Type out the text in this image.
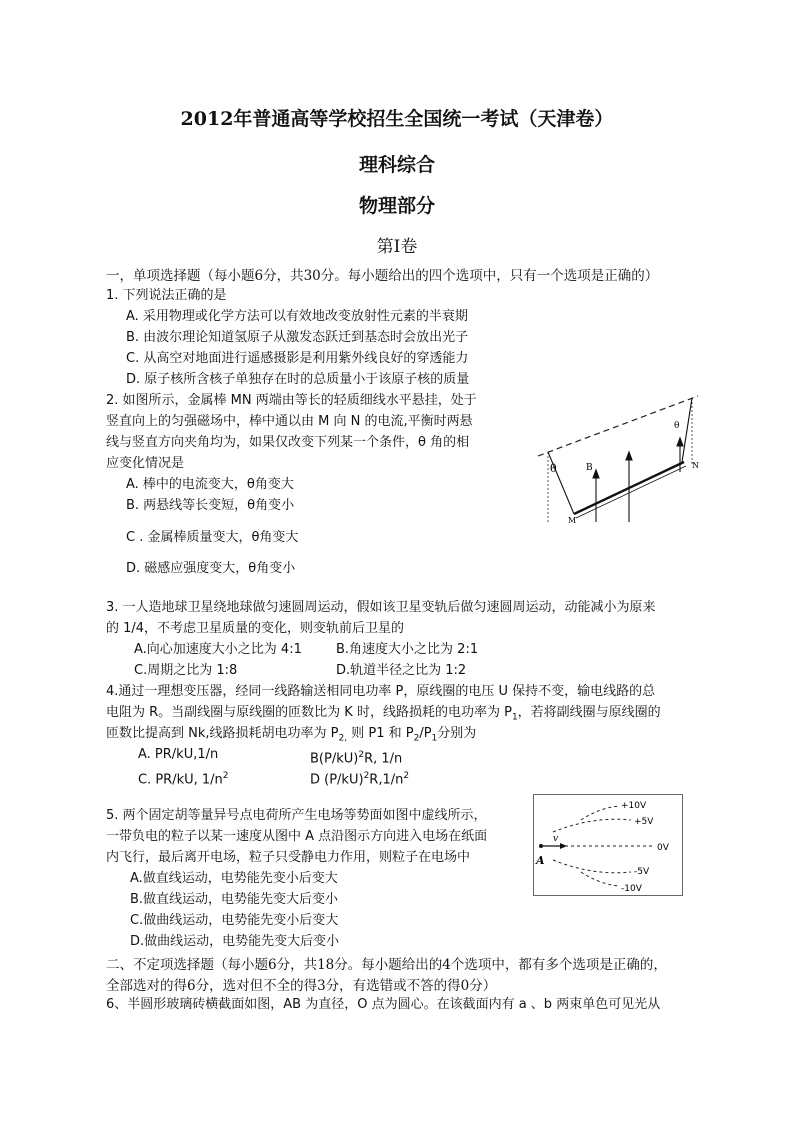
2012年普通高等学校招生全国统一考试（天津卷）
理科综合
物理部分
第Ⅰ卷
一，单项选择题（每小题6分，共30分。每小题给出的四个选项中，只有一个选项是正确的）
1. 下列说法正确的是
A. 采用物理或化学方法可以有效地改变放射性元素的半衰期
B. 由波尔理论知道氢原子从激发态跃迁到基态时会放出光子
C. 从高空对地面进行遥感摄影是利用紫外线良好的穿透能力
D. 原子核所含核子单独存在时的总质量小于该原子核的质量
2. 如图所示，金属棒 MN 两端由等长的轻质细线水平悬挂，处于
竖直向上的匀强磁场中，棒中通以由 M 向 N 的电流,平衡时两悬
线与竖直方向夹角均为，如果仅改变下列某一个条件，θ 角的相
应变化情况是
A. 棒中的电流变大，θ角变大
B. 两悬线等长变短，θ角变小
C . 金属棒质量变大，θ角变大
D. 磁感应强度变大，θ角变小
θ
θ
B
M
N
3. 一人造地球卫星绕地球做匀速圆周运动，假如该卫星变轨后做匀速圆周运动，动能减小为原来
的 1/4，不考虑卫星质量的变化，则变轨前后卫星的
A.向心加速度大小之比为 4:1	B.角速度大小之比为 2:1
C.周期之比为 1:8	D.轨道半径之比为 1:2
4.通过一理想变压器，经同一线路输送相同电功率 P，原线圈的电压 U 保持不变，输电线路的总
电阻为 R。当副线圈与原线圈的匝数比为 K 时，线路损耗的电功率为 $P_1$，若将副线圈与原线圈的
匝数比提高到 Nk,线路损耗胡电功率为 $P_{2,}$ 则 P1 和 $P_2/P_1$分别为
A. PR/kU,1/n	$B(P/kU)^2R$, 1/n
C. PR/kU, $1/n^2$	D $(P/kU)^2R,1/n^2$
5. 两个固定胡等量异号点电荷所产生电场等势面如图中虚线所示，
一带负电的粒子以某一速度从图中 A 点沿图示方向进入电场在纸面
内飞行，最后离开电场，粒子只受静电力作用，则粒子在电场中
A.做直线运动，电势能先变小后变大
B.做直线运动，电势能先变大后变小
C.做曲线运动，电势能先变小后变大
D.做曲线运动，电势能先变大后变小
v
A
+10V
+5V
0V
-5V
-10V
二、不定项选择题（每小题6分，共18分。每小题给出的4个选项中，都有多个选项是正确的，
全部选对的得6分，选对但不全的得3分，有选错或不答的得0分）
6、半圆形玻璃砖横截面如图，AB 为直径，O 点为圆心。在该截面内有 a 、b 两束单色可见光从
